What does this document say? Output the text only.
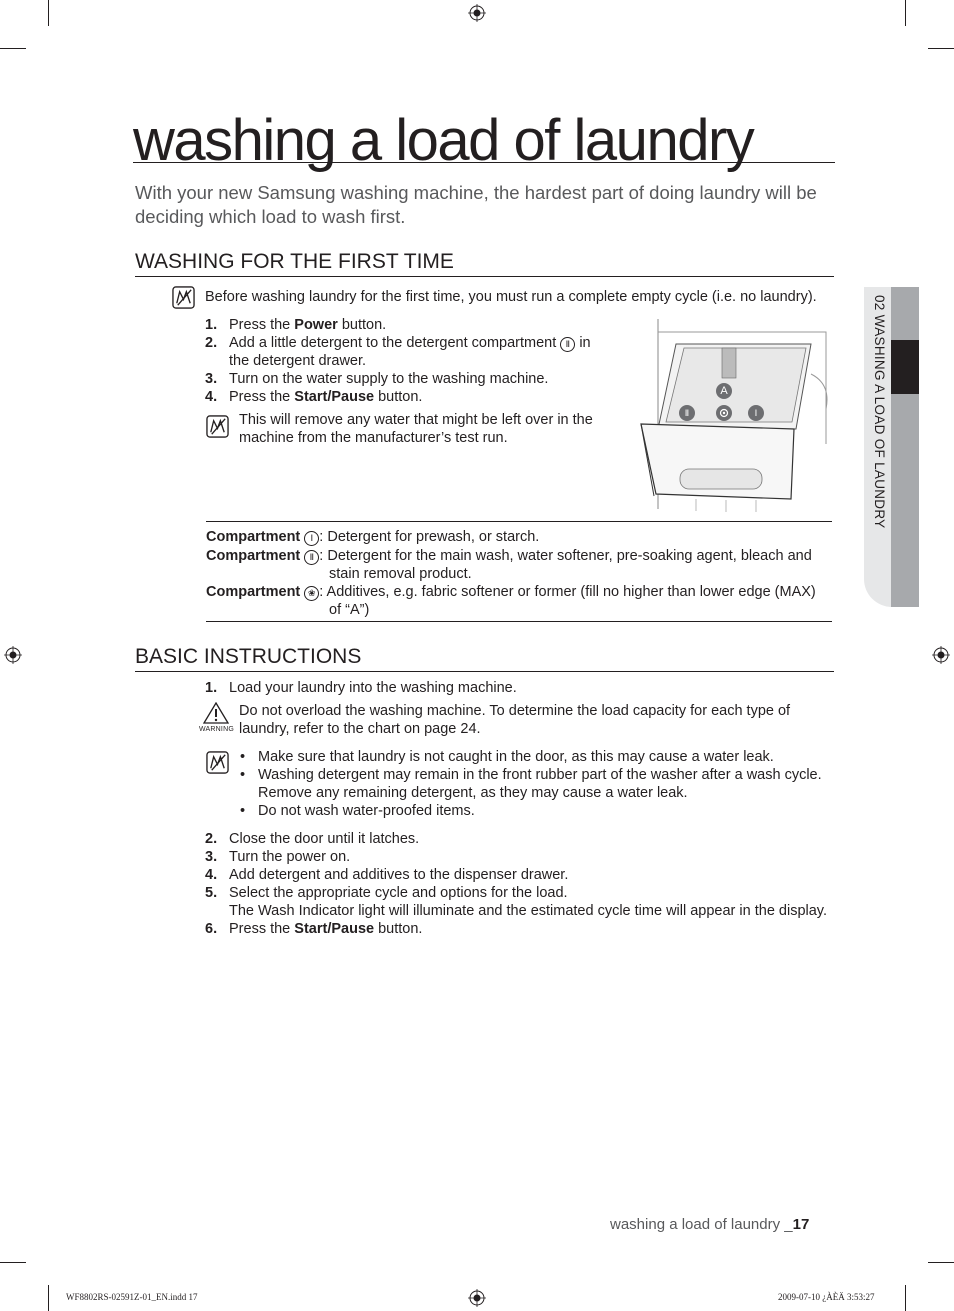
washing a load of laundry
With your new Samsung washing machine, the hardest part of doing laundry will be deciding which load to wash first.
02 WASHING A LOAD OF LAUNDRY
WASHING FOR THE FIRST TIME
Before washing laundry for the first time, you must run a complete empty cycle (i.e. no laundry).
1. Press the Power button.
2. Add a little detergent to the detergent compartment Ⅱ in
the detergent drawer.
3. Turn on the water supply to the washing machine.
4. Press the Start/Pause button.
This will remove any water that might be left over in the
machine from the manufacturer’s test run.
A
Ⅱ	Ⅰ
Compartment Ⅰ : Detergent for prewash, or starch.
Compartment Ⅱ : Detergent for the main wash, water softener, pre-soaking agent, bleach and
stain removal product.
Compartment ❀ : Additives, e.g. fabric softener or former (fill no higher than lower edge (MAX)
of “A”)
BASIC INSTRUCTIONS
1. Load your laundry into the washing machine.
WARNING
Do not overload the washing machine. To determine the load capacity for each type of
laundry, refer to the chart on page 24.
• Make sure that laundry is not caught in the door, as this may cause a water leak.
• Washing detergent may remain in the front rubber part of the washer after a wash cycle.
Remove any remaining detergent, as they may cause a water leak.
• Do not wash water-proofed items.
2. Close the door until it latches.
3. Turn the power on.
4. Add detergent and additives to the dispenser drawer.
5. Select the appropriate cycle and options for the load.
The Wash Indicator light will illuminate and the estimated cycle time will appear in the display.
6. Press the Start/Pause button.
washing a load of laundry _17
WF8802RS-02591Z-01_EN.indd 17	2009-07-10 ¿ÀÈÄ 3:53:27
